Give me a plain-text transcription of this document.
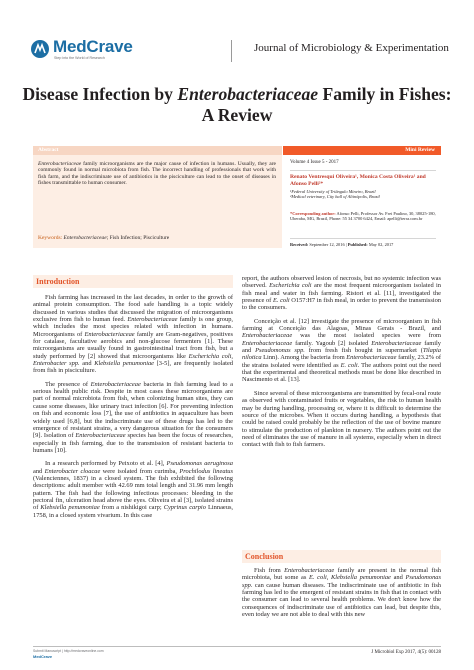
MedCrave
Step into the World of Research
Journal of Microbiology & Experimentation
Disease Infection by Enterobacteriaceae Family in Fishes:
A Review
Abstract
Enterobacteriaceae family microorganisms are the major cause of infection in humans. Usually, they are commonly found in normal microbiota from fish. The incorrect handling of professionals that work with fish farm, and the indiscriminate use of antibiotics in the pisciculture can lead to the onset of diseases in fishes transmittable to human consumer.
Keywords: Enterobacteriaceae; Fish Infection; Pisciculture
Mini Review
Volume 4 Issue 5 - 2017
Renato Ventresqui Oliveira¹, Monica Costa Oliveira¹ and Afonso Pelli²*
¹Federal University of Triângulo Mineiro, Brazil
²Medical veterinary, City hall of Altinópolis, Brazil
*Corresponding author: Afonso Pelli, Professor Av. Frei Paulino, 30, 38025-180, Uberaba, MG, Brazil, Phone: 55 34 3700 6424, Email: apelli@terra.com.br
Received: September 12, 2016 | Published: May 02, 2017
Introduction

Fish farming has increased in the last decades, in order to the growth of animal protein consumption. The food safe handling is a topic widely discussed in various studies that discussed the migration of microorganisms exclusive from fish to human feed. Enterobacteriaceae family is one group, which includes the most species related with infection in humans. Microorganisms of Enterobacteriaceae family are Gram-negatives, positives for catalase, facultative aerobics and non-glucose fermenters [1]. These microorganisms are usually found in gastrointestinal tract from fish, but a study performed by [2] showed that microorganisms like Escherichia coli, Enterobacter spp. and Klebsiella penumoniae [3-5], are frequently isolated from fish in pisciculture.

The presence of Enterobacteriaceae bacteria in fish farming lead to a serious health public risk. Despite in most cases these microorganisms are part of normal microbiota from fish, when colonizing human sites, they can cause some diseases, like urinary tract infection [6]. For preventing infection on fish and economic loss [7], the use of antibiotics in aquaculture has been widely used [6,8], but the indiscriminate use of these drugs has led to the emergence of resistant strains, a very dangerous situation for the consumers [9]. Isolation of Enterobacteriaceae species has been the focus of researches, especially in fish farming, due to the transmission of resistant bacteria to humans [10].

In a research performed by Peixoto et al. [4], Pseudomonas aeruginosa and Enterobacter cloacae were isolated from curimba, Prochilodus lineatus (Valenciennes, 1837) in a closed system. The fish exhibited the following descriptions: adult member with 42.69 mm total length and 31.96 mm length pattern. The fish had the following infectious processes: bleeding in the pectoral fin, ulceration head above the eyes. Oliveira et al [3], isolated strains of Klebsiella penumoniae from a nishikigoi carp; Cyprinus carpio Linnaeus, 1758, in a closed system vivarium. In this case

report, the authors observed lesion of necrosis, but no systemic infection was observed. Escherichia coli are the most frequent microorganism isolated in fish meal and water in fish farming. Ristori et al. [11], investigated the presence of E. coli O157:H7 in fish meal, in order to prevent the transmission to the consumers.

Conceição et al. [12] investigate the presence of microorganism in fish farming at Conceição das Alagoas, Minas Gerais - Brazil, and Enterobacteriaceae was the most isolated species were from Enterobacteriaceae family. Yagoub [2] isolated Enterobacteriaceae family and Pseudomonas spp. from fresh fish bought in supermarket (Tilapia nilotica Linn). Among the bacteria from Enterobacteriaceae family, 23.2% of the strains isolated were identified as E. coli. The authors point out the need that the experimental and theoretical methods must be done like described in Nascimento et al. [13].

Since several of these microorganisms are transmitted by fecal-oral route as observed with contaminated fruits or vegetables, the risk to human health may be during handling, processing or, where it is difficult to determine the source of the microbes. When it occurs during handling, a hypothesis that could be raised could probably be the reflection of the use of bovine manure to stimulate the production of plankton in nursery. The authors point out the need of eliminates the use of manure in all systems, especially when in direct contact with fish to fish farmers.

Conclusion

Fish from Enterobacteriaceae family are present in the normal fish microbiota, but some as E. coli, Klebsiella penumoniae and Pseudomonas spp. can cause human diseases. The indiscriminate use of antibiotic in fish farming has led to the emergent of resistant strains in fish that in contact with the consumer can lead to several health problems. We don't know how the consequences of indiscriminate use of antibiotics can lead, but despite this, even today we are not able to deal with this new

Submit Manuscript | http://medcraveonline.com
MedCrave
J Microbiol Exp 2017, 4(5): 00128
